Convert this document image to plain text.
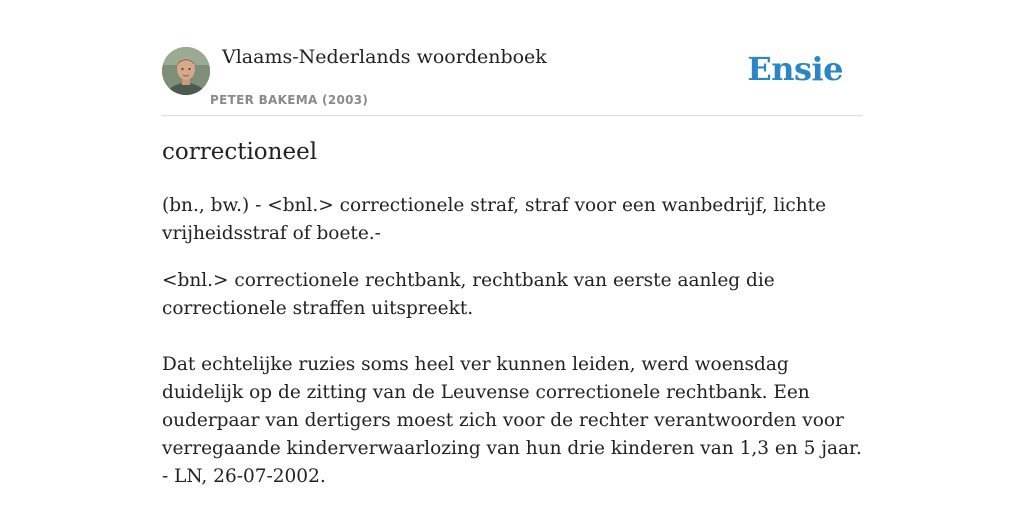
Vlaams-Nederlands woordenboek
PETER BAKEMA (2003)
Ensie
correctioneel

(bn., bw.) - <bnl.> correctionele straf, straf voor een wanbedrijf, lichte vrijheidsstraf of boete.-

<bnl.> correctionele rechtbank, rechtbank van eerste aanleg die correctionele straffen uitspreekt.

Dat echtelijke ruzies soms heel ver kunnen leiden, werd woensdag duidelijk op de zitting van de Leuvense correctionele rechtbank. Een ouderpaar van dertigers moest zich voor de rechter verantwoorden voor verregaande kinderverwaarlozing van hun drie kinderen van 1,3 en 5 jaar. - LN, 26-07-2002.
